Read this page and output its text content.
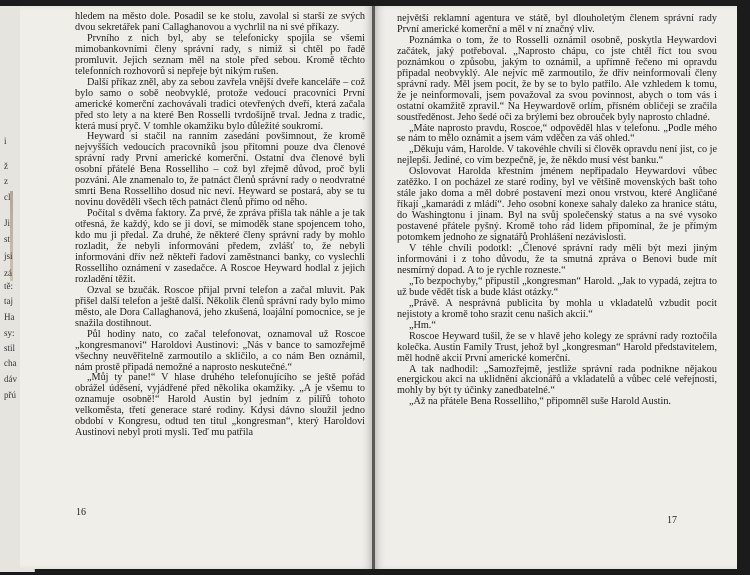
i
ž
z
cl
Ji
st
jsi
zá
tě:
taj
Ha
sy:
stil
cha
dáv
přú

hledem na město dole. Posadil se ke stolu, zavolal si starší ze svých dvou sekretářek paní Callaghanovou a vychrlil na ni své příkazy.

Prvního z nich byl, aby se telefonicky spojila se všemi mimobankovními členy správní rady, s nimiž si chtěl po řadě promluvit. Jejich seznam měl na stole před sebou. Kromě těchto telefonních rozhovorů si nepřeje být nikým rušen.

Další příkaz zněl, aby za sebou zavřela vnější dveře kanceláře – což bylo samo o sobě neobvyklé, protože vedoucí pracovníci První americké komerční zachovávali tradici otevřených dveří, která začala před sto lety a na které Ben Rosselli tvrdošíjně trval. Jedna z tradic, která musí pryč. V tomhle okamžiku bylo důležité soukromí.

Heyward si stačil na ranním zasedání povšimnout, že kromě nejvyšších vedoucích pracovníků jsou přítomni pouze dva členové správní rady První americké komerční. Ostatní dva členové byli osobní přátelé Bena Rosselliho – což byl zřejmě důvod, proč byli pozváni. Ale znamenalo to, že patnáct členů správní rady o neodvratné smrti Bena Rosselliho dosud nic neví. Heyward se postará, aby se tu novinu dověděli všech těch patnáct členů přímo od něho.

Počítal s dvěma faktory. Za prvé, že zpráva přišla tak náhle a je tak otřesná, že každý, kdo se ji doví, se mimoděk stane spojencem toho, kdo mu ji předal. Za druhé, že některé členy správní rady by mohlo rozladit, že nebyli informováni předem, zvlášť to, že nebyli informováni dřív než někteří řadoví zaměstnanci banky, co vyslechli Rosselliho oznámení v zasedačce. A Roscoe Heyward hodlal z jejich rozladění těžit.

Ozval se bzučák. Roscoe přijal první telefon a začal mluvit. Pak přišel další telefon a ještě další. Několik členů správní rady bylo mimo město, ale Dora Callaghanová, jeho zkušená, loajální pomocnice, se je snažila dostihnout.

Půl hodiny nato, co začal telefonovat, oznamoval už Roscoe „kongresmanovi“ Haroldovi Austinovi: „Nás v bance to samozřejmě všechny neuvěřitelně zarmoutilo a skličilo, a co nám Ben oznámil, nám prostě připadá nemožné a naprosto neskutečné.“

„Můj ty pane!“ V hlase druhého telefonujícího se ještě pořád obrážel úděsení, vyjádřené před několika okamžiky. „A je všemu to oznamuje osobně!“ Harold Austin byl jedním z pilířů tohoto velkoměsta, třetí generace staré rodiny. Kdysi dávno sloužil jedno období v Kongresu, odtud ten titul „kongresman“, který Haroldovi Austinovi nebyl proti mysli. Teď mu patřila

16

největší reklamní agentura ve státě, byl dlouholetým členem správní rady První americké komerční a měl v ní značný vliv.

Poznámka o tom, že to Rosselli oznámil osobně, poskytla Heywardovi začátek, jaký potřeboval. „Naprosto chápu, co jste chtěl říct tou svou poznámkou o způsobu, jakým to oznámil, a upřímně řečeno mi opravdu připadal neobvyklý. Ale nejvíc mě zarmoutilo, že dřív neinformovali členy správní rady. Měl jsem pocit, že by se to bylo patřilo. Ale vzhledem k tomu, že je neinformovali, jsem považoval za svou povinnost, abych o tom vás i ostatní okamžitě zpravil.“ Na Heywardově orlím, přísném obličeji se zračila soustředěnost. Jeho šedé oči za brýlemi bez obrouček byly naprosto chladné.

„Máte naprosto pravdu, Roscoe,“ odpověděl hlas v telefonu. „Podle mého se nám to mělo oznámit a jsem vám vděčen za váš ohled.“

„Děkuju vám, Haroldе. V takovéhle chvíli si člověk opravdu není jist, co je nejlepší. Jediné, co vím bezpečně, je, že někdo musí vést banku.“

Oslovovat Harolda křestním jménem nepřipadalo Heywardovi vůbec zatěžko. I on pocházel ze staré rodiny, byl ve většině movenských bašt toho stále jako doma a měl dobré postavení mezi onou vrstvou, které Angličané říkají „kamarádi z mládí“. Jeho osobní konexe sahaly daleko za hranice státu, do Washingtonu i jinam. Byl na svůj společenský status a na své vysoko postavené přátele pyšný. Kromě toho rád lidem připomínal, že je přímým potomkem jednoho ze signatářů Prohlášení nezávislosti.

V téhle chvíli podotkl: „Členové správní rady měli být mezi jiným informováni i z toho důvodu, že ta smutná zpráva o Benovi bude mít nesmírný dopad. A to je rychle rozneste.“

„To bezpochyby,“ připustil „kongresman“ Harold. „Jak to vypadá, zejtra to už bude vědět tisk a bude klást otázky.“

„Právě. A nesprávná publicita by mohla u vkladatelů vzbudit pocit nejistoty a kromě toho srazit cenu našich akcií.“

„Hm.“

Roscoe Heyward tušil, že se v hlavě jeho kolegy ze správní rady roztočila kolečka. Austin Family Trust, jehož byl „kongresman“ Harold představitelem, měl hodně akcií První americké komerční.

A tak nadhodil: „Samozřejmě, jestliže správní rada podnikne nějakou energickou akci na uklidnění akcionářů a vkladatelů a vůbec celé veřejnosti, mohly by být ty účinky zanedbatelné.“

„Až na přátele Bena Rosselliho,“ připomněl suše Harold Austin.

17
